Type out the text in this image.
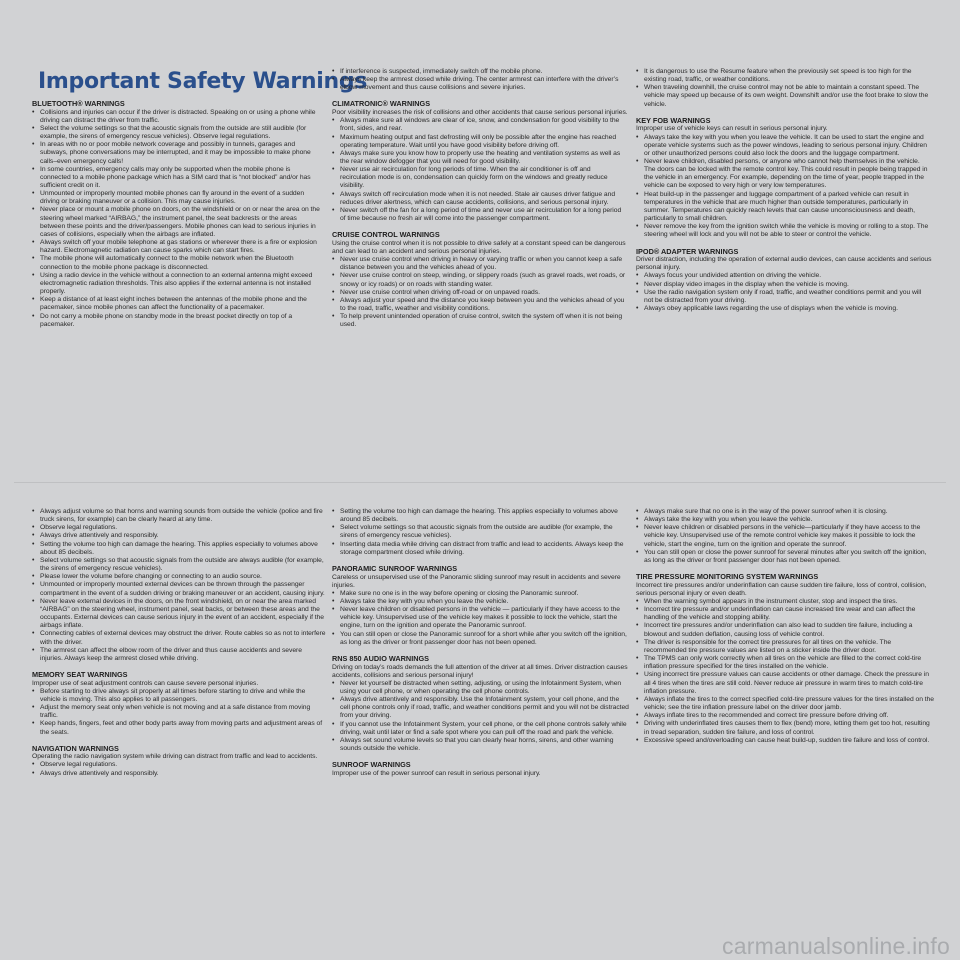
Important Safety Warnings
BLUETOOTH® WARNINGS
• Collisions and injuries can occur if the driver is distracted. Speaking on or using a phone while driving can distract the driver from traffic.
• Select the volume settings so that the acoustic signals from the outside are still audible (for example, the sirens of emergency rescue vehicles). Observe legal regulations.
• In areas with no or poor mobile network coverage and possibly in tunnels, garages and subways, phone conversations may be interrupted, and it may be impossible to make phone calls–even emergency calls!
• In some countries, emergency calls may only be supported when the mobile phone is connected to a mobile phone package which has a SIM card that is “not blocked” and/or has sufficient credit on it.
• Unmounted or improperly mounted mobile phones can fly around in the event of a sudden driving or braking maneuver or a collision. This may cause injuries.
• Never place or mount a mobile phone on doors, on the windshield or on or near the area on the steering wheel marked “AIRBAG,” the instrument panel, the seat backrests or the areas between these points and the driver/passengers. Mobile phones can lead to serious injuries in cases of collisions, especially when the airbags are inflated.
• Always switch off your mobile telephone at gas stations or wherever there is a fire or explosion hazard. Electromagnetic radiation can cause sparks which can start fires.
• The mobile phone will automatically connect to the mobile network when the Bluetooth connection to the mobile phone package is disconnected.
• Using a radio device in the vehicle without a connection to an external antenna might exceed electromagnetic radiation thresholds. This also applies if the external antenna is not installed properly.
• Keep a distance of at least eight inches between the antennas of the mobile phone and the pacemaker, since mobile phones can affect the functionality of a pacemaker.
• Do not carry a mobile phone on standby mode in the breast pocket directly on top of a pacemaker.
• If interference is suspected, immediately switch off the mobile phone.
• Always keep the armrest closed while driving. The center armrest can interfere with the driver’s elbow movement and thus cause collisions and severe injuries.
CLIMATRONIC® WARNINGS

Poor visibility increases the risk of collisions and other accidents that cause serious personal injuries.

• Always make sure all windows are clear of ice, snow, and condensation for good visibility to the front, sides, and rear.
• Maximum heating output and fast defrosting will only be possible after the engine has reached operating temperature. Wait until you have good visibility before driving off.
• Always make sure you know how to properly use the heating and ventilation systems as well as the rear window defogger that you will need for good visibility.
• Never use air recirculation for long periods of time. When the air conditioner is off and recirculation mode is on, condensation can quickly form on the windows and greatly reduce visibility.
• Always switch off recirculation mode when it is not needed. Stale air causes driver fatigue and reduces driver alertness, which can cause accidents, collisions, and serious personal injury.
• Never switch off the fan for a long period of time and never use air recirculation for a long period of time because no fresh air will come into the passenger compartment.
CRUISE CONTROL WARNINGS

Using the cruise control when it is not possible to drive safely at a constant speed can be dangerous and can lead to an accident and serious personal injuries.

• Never use cruise control when driving in heavy or varying traffic or when you cannot keep a safe distance between you and the vehicles ahead of you.
• Never use cruise control on steep, winding, or slippery roads (such as gravel roads, wet roads, or snowy or icy roads) or on roads with standing water.
• Never use cruise control when driving off-road or on unpaved roads.
• Always adjust your speed and the distance you keep between you and the vehicles ahead of you to the road, traffic, weather and visibility conditions.
• To help prevent unintended operation of cruise control, switch the system off when it is not being used.
• It is dangerous to use the Resume feature when the previously set speed is too high for the existing road, traffic, or weather conditions.
• When traveling downhill, the cruise control may not be able to maintain a constant speed. The vehicle may speed up because of its own weight. Downshift and/or use the foot brake to slow the vehicle.
KEY FOB WARNINGS

Improper use of vehicle keys can result in serious personal injury.

• Always take the key with you when you leave the vehicle. It can be used to start the engine and operate vehicle systems such as the power windows, leading to serious personal injury. Children or other unauthorized persons could also lock the doors and the luggage compartment.
• Never leave children, disabled persons, or anyone who cannot help themselves in the vehicle. The doors can be locked with the remote control key. This could result in people being trapped in the vehicle in an emergency. For example, depending on the time of year, people trapped in the vehicle can be exposed to very high or very low temperatures.
• Heat build-up in the passenger and luggage compartment of a parked vehicle can result in temperatures in the vehicle that are much higher than outside temperatures, particularly in summer. Temperatures can quickly reach levels that can cause unconsciousness and death, particularly to small children.
• Never remove the key from the ignition switch while the vehicle is moving or rolling to a stop. The steering wheel will lock and you will not be able to steer or control the vehicle.
IPOD® ADAPTER WARNINGS

Driver distraction, including the operation of external audio devices, can cause accidents and serious personal injury.

• Always focus your undivided attention on driving the vehicle.
• Never display video images in the display when the vehicle is moving.
• Use the radio navigation system only if road, traffic, and weather conditions permit and you will not be distracted from your driving.
• Always obey applicable laws regarding the use of displays when the vehicle is moving.
• Always adjust volume so that horns and warning sounds from outside the vehicle (police and fire truck sirens, for example) can be clearly heard at any time.
• Observe legal regulations.
• Always drive attentively and responsibly.
• Setting the volume too high can damage the hearing. This applies especially to volumes above about 85 decibels.
• Select volume settings so that acoustic signals from the outside are always audible (for example, the sirens of emergency rescue vehicles).
• Please lower the volume before changing or connecting to an audio source.
• Unmounted or improperly mounted external devices can be thrown through the passenger compartment in the event of a sudden driving or braking maneuver or an accident, causing injury.
• Never leave external devices in the doors, on the front windshield, on or near the area marked “AIRBAG” on the steering wheel, instrument panel, seat backs, or between these areas and the occupants. External devices can cause serious injury in the event of an accident, especially if the airbags inflate.
• Connecting cables of external devices may obstruct the driver. Route cables so as not to interfere with the driver.
• The armrest can affect the elbow room of the driver and thus cause accidents and severe injuries. Always keep the armrest closed while driving.
MEMORY SEAT WARNINGS

Improper use of seat adjustment controls can cause severe personal injuries.

• Before starting to drive always sit properly at all times before starting to drive and while the vehicle is moving. This also applies to all passengers.
• Adjust the memory seat only when vehicle is not moving and at a safe distance from moving traffic.
• Keep hands, fingers, feet and other body parts away from moving parts and adjustment areas of the seats.
NAVIGATION WARNINGS

Operating the radio navigation system while driving can distract from traffic and lead to accidents.

• Observe legal regulations.
• Always drive attentively and responsibly.
• Setting the volume too high can damage the hearing. This applies especially to volumes above around 85 decibels.
• Select volume settings so that acoustic signals from the outside are audible (for example, the sirens of emergency rescue vehicles).
• Inserting data media while driving can distract from traffic and lead to accidents. Always keep the storage compartment closed while driving.
PANORAMIC SUNROOF WARNINGS

Careless or unsupervised use of the Panoramic sliding sunroof may result in accidents and severe injuries.

• Make sure no one is in the way before opening or closing the Panoramic sunroof.
• Always take the key with you when you leave the vehicle.
• Never leave children or disabled persons in the vehicle — particularly if they have access to the vehicle key. Unsupervised use of the vehicle key makes it possible to lock the vehicle, start the engine, turn on the ignition and operate the Panoramic sunroof.
• You can still open or close the Panoramic sunroof for a short while after you switch off the ignition, as long as the driver or front passenger door has not been opened.
RNS 850 AUDIO WARNINGS

Driving on today’s roads demands the full attention of the driver at all times. Driver distraction causes accidents, collisions and serious personal injury!

• Never let yourself be distracted when setting, adjusting, or using the Infotainment System, when using your cell phone, or when operating the cell phone controls.
• Always drive attentively and responsibly. Use the Infotainment system, your cell phone, and the cell phone controls only if road, traffic, and weather conditions permit and you will not be distracted from your driving.
• If you cannot use the Infotainment System, your cell phone, or the cell phone controls safely while driving, wait until later or find a safe spot where you can pull off the road and park the vehicle.
• Always set sound volume levels so that you can clearly hear horns, sirens, and other warning sounds outside the vehicle.
SUNROOF WARNINGS

Improper use of the power sunroof can result in serious personal injury.

• Always make sure that no one is in the way of the power sunroof when it is closing.
• Always take the key with you when you leave the vehicle.
• Never leave children or disabled persons in the vehicle—particularly if they have access to the vehicle key. Unsupervised use of the remote control vehicle key makes it possible to lock the vehicle, start the engine, turn on the ignition and operate the sunroof.
• You can still open or close the power sunroof for several minutes after you switch off the ignition, as long as the driver or front passenger door has not been opened.
TIRE PRESSURE MONITORING SYSTEM WARNINGS

Incorrect tire pressures and/or underinflation can cause sudden tire failure, loss of control, collision, serious personal injury or even death.

• When the warning symbol appears in the instrument cluster, stop and inspect the tires.
• Incorrect tire pressure and/or underinflation can cause increased tire wear and can affect the handling of the vehicle and stopping ability.
• Incorrect tire pressures and/or underinflation can also lead to sudden tire failure, including a blowout and sudden deflation, causing loss of vehicle control.
• The driver is responsible for the correct tire pressures for all tires on the vehicle. The recommended tire pressure values are listed on a sticker inside the driver door.
• The TPMS can only work correctly when all tires on the vehicle are filled to the correct cold-tire inflation pressure specified for the tires installed on the vehicle.
• Using incorrect tire pressure values can cause accidents or other damage. Check the pressure in all 4 tires when the tires are still cold. Never reduce air pressure in warm tires to match cold-tire inflation pressure.
• Always inflate the tires to the correct specified cold-tire pressure values for the tires installed on the vehicle; see the tire inflation pressure label on the driver door jamb.
• Always inflate tires to the recommended and correct tire pressure before driving off.
• Driving with underinflated tires causes them to flex (bend) more, letting them get too hot, resulting in tread separation, sudden tire failure, and loss of control.
• Excessive speed and/overloading can cause heat build-up, sudden tire failure and loss of control.
carmanualsonline.info
